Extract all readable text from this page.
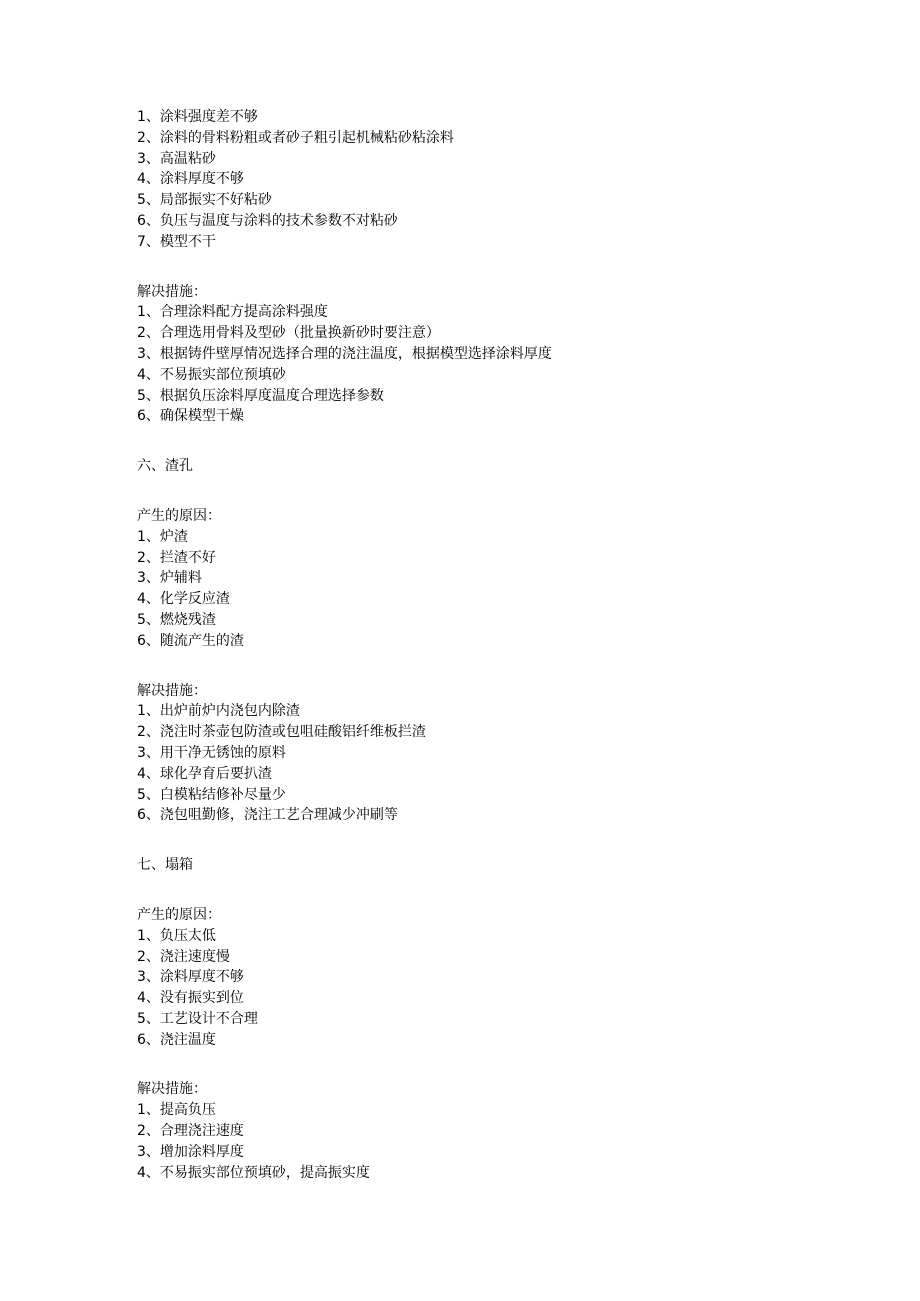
1、涂料强度差不够
2、涂料的骨料粉粗或者砂子粗引起机械粘砂粘涂料
3、高温粘砂
4、涂料厚度不够
5、局部振实不好粘砂
6、负压与温度与涂料的技术参数不对粘砂
7、模型不干
解决措施：
1、合理涂料配方提高涂料强度
2、合理选用骨料及型砂（批量换新砂时要注意）
3、根据铸件壁厚情况选择合理的浇注温度，根据模型选择涂料厚度
4、不易振实部位预填砂
5、根据负压涂料厚度温度合理选择参数
6、确保模型干燥
六、渣孔
产生的原因：
1、炉渣
2、拦渣不好
3、炉辅料
4、化学反应渣
5、燃烧残渣
6、随流产生的渣
解决措施：
1、出炉前炉内浇包内除渣
2、浇注时茶壶包防渣或包咀硅酸铝纤维板拦渣
3、用干净无锈蚀的原料
4、球化孕育后要扒渣
5、白模粘结修补尽量少
6、浇包咀勤修，浇注工艺合理减少冲刷等
七、塌箱
产生的原因：
1、负压太低
2、浇注速度慢
3、涂料厚度不够
4、没有振实到位
5、工艺设计不合理
6、浇注温度
解决措施：
1、提高负压
2、合理浇注速度
3、增加涂料厚度
4、不易振实部位预填砂，提高振实度
